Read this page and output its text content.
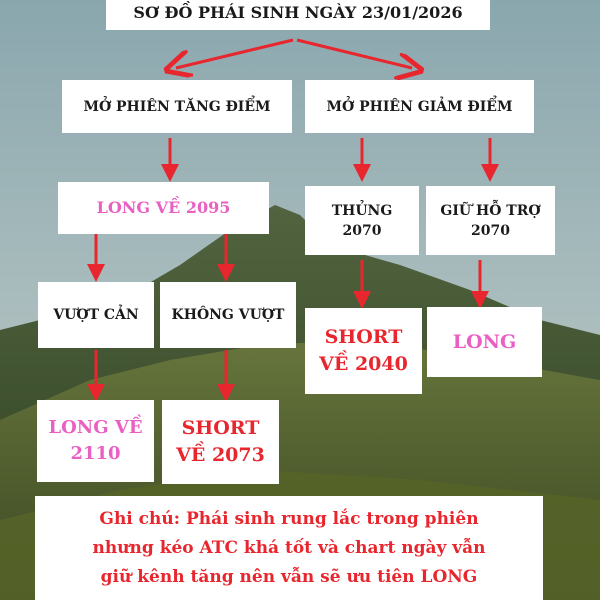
SƠ ĐỒ PHÁI SINH NGÀY 23/01/2026
MỞ PHIÊN TĂNG ĐIỂM	MỞ PHIÊN GIẢM ĐIỂM
LONG VỀ 2095	THỦNG
2070
GIỮ HỖ TRỢ
2070
VƯỢT CẢN KHÔNG VƯỢT
SHORT
VỀ 2040
LONG
LONG VỀ
2110
SHORT
VỀ 2073
Ghi chú: Phái sinh rung lắc trong phiên
nhưng kéo ATC khá tốt và chart ngày vẫn
giữ kênh tăng nên vẫn sẽ ưu tiên LONG
